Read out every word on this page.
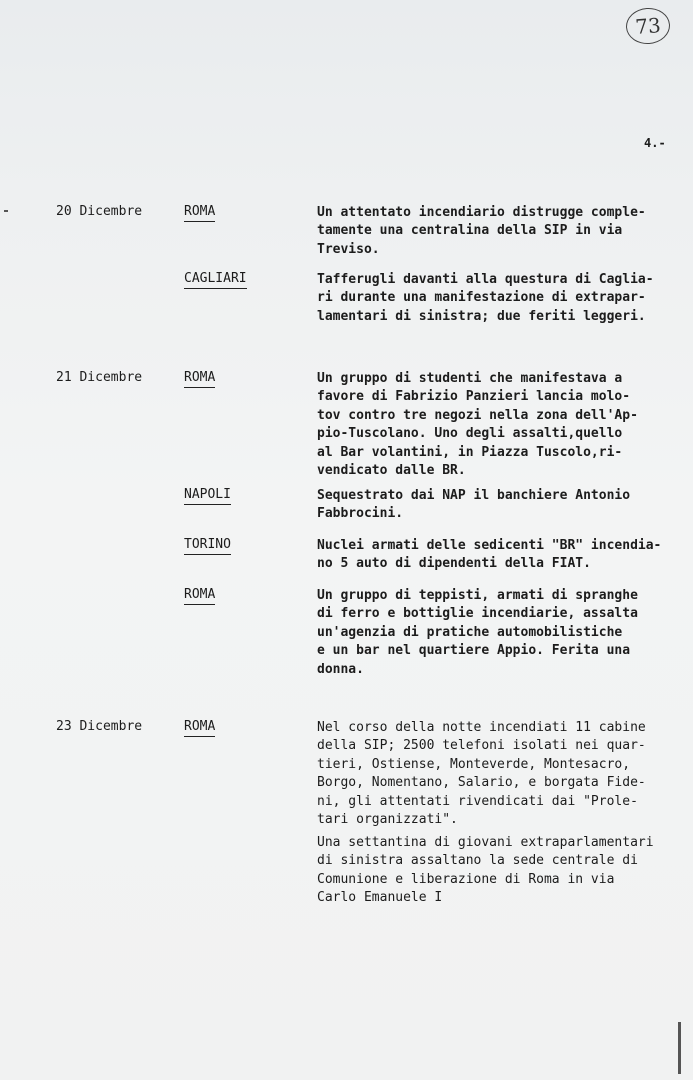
73
4.-
20 Dicembre	ROMA	Un attentato incendiario distrugge comple-
tamente una centralina della SIP in via
Treviso.
CAGLIARI	Tafferugli davanti alla questura di Caglia-
ri durante una manifestazione di extrapar-
lamentari di sinistra; due feriti leggeri.
21 Dicembre	ROMA	Un gruppo di studenti che manifestava a
favore di Fabrizio Panzieri lancia molo-
tov contro tre negozi nella zona dell'Ap-
pio-Tuscolano. Uno degli assalti,quello
al Bar volantini, in Piazza Tuscolo,ri-
vendicato dalle BR.
NAPOLI	Sequestrato dai NAP il banchiere Antonio
Fabbrocini.
TORINO	Nuclei armati delle sedicenti "BR" incendia-
no 5 auto di dipendenti della FIAT.
ROMA	Un gruppo di teppisti, armati di spranghe
di ferro e bottiglie incendiarie, assalta
un'agenzia di pratiche automobilistiche
e un bar nel quartiere Appio. Ferita una
donna.
23 Dicembre	ROMA	Nel corso della notte incendiati 11 cabine
della SIP; 2500 telefoni isolati nei quar-
tieri, Ostiense, Monteverde, Montesacro,
Borgo, Nomentano, Salario, e borgata Fide-
ni, gli attentati rivendicati dai "Prole-
tari organizzati".
Una settantina di giovani extraparlamentari
di sinistra assaltano la sede centrale di
Comunione e liberazione di Roma in via
Carlo Emanuele I
